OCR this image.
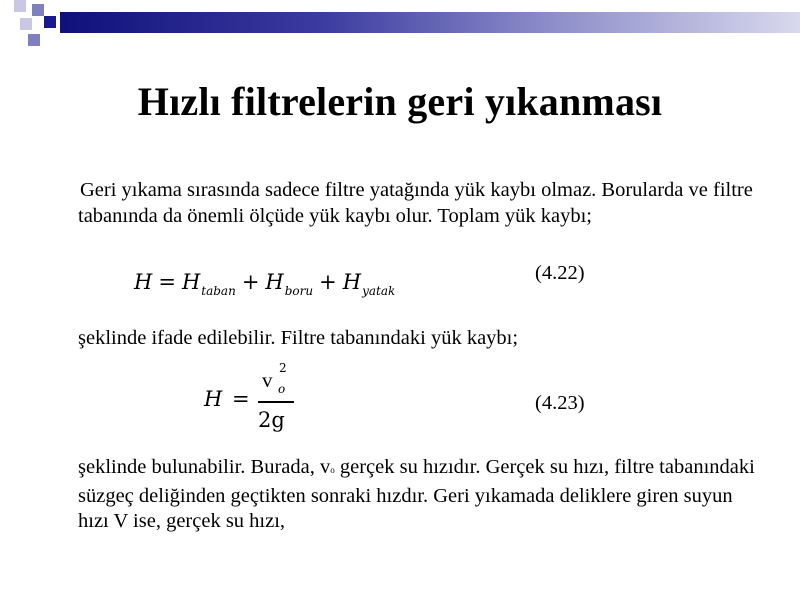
Hızlı filtrelerin geri yıkanması

Geri yıkama sırasında sadece filtre yatağında yük kaybı olmaz. Borularda ve filtre tabanında da önemli ölçüde yük kaybı olur. Toplam yük kaybı;

$H = H_{taban} + H_{boru} + H_{yatak}$
(4.22)

şeklinde ifade edilebilir. Filtre tabanındaki yük kaybı;

H =
v 2
o
2g
(4.23)

şeklinde bulunabilir. Burada, vo gerçek su hızıdır. Gerçek su hızı, filtre tabanındaki süzgeç deliğinden geçtikten sonraki hızdır. Geri yıkamada deliklere giren suyun hızı V ise, gerçek su hızı,
